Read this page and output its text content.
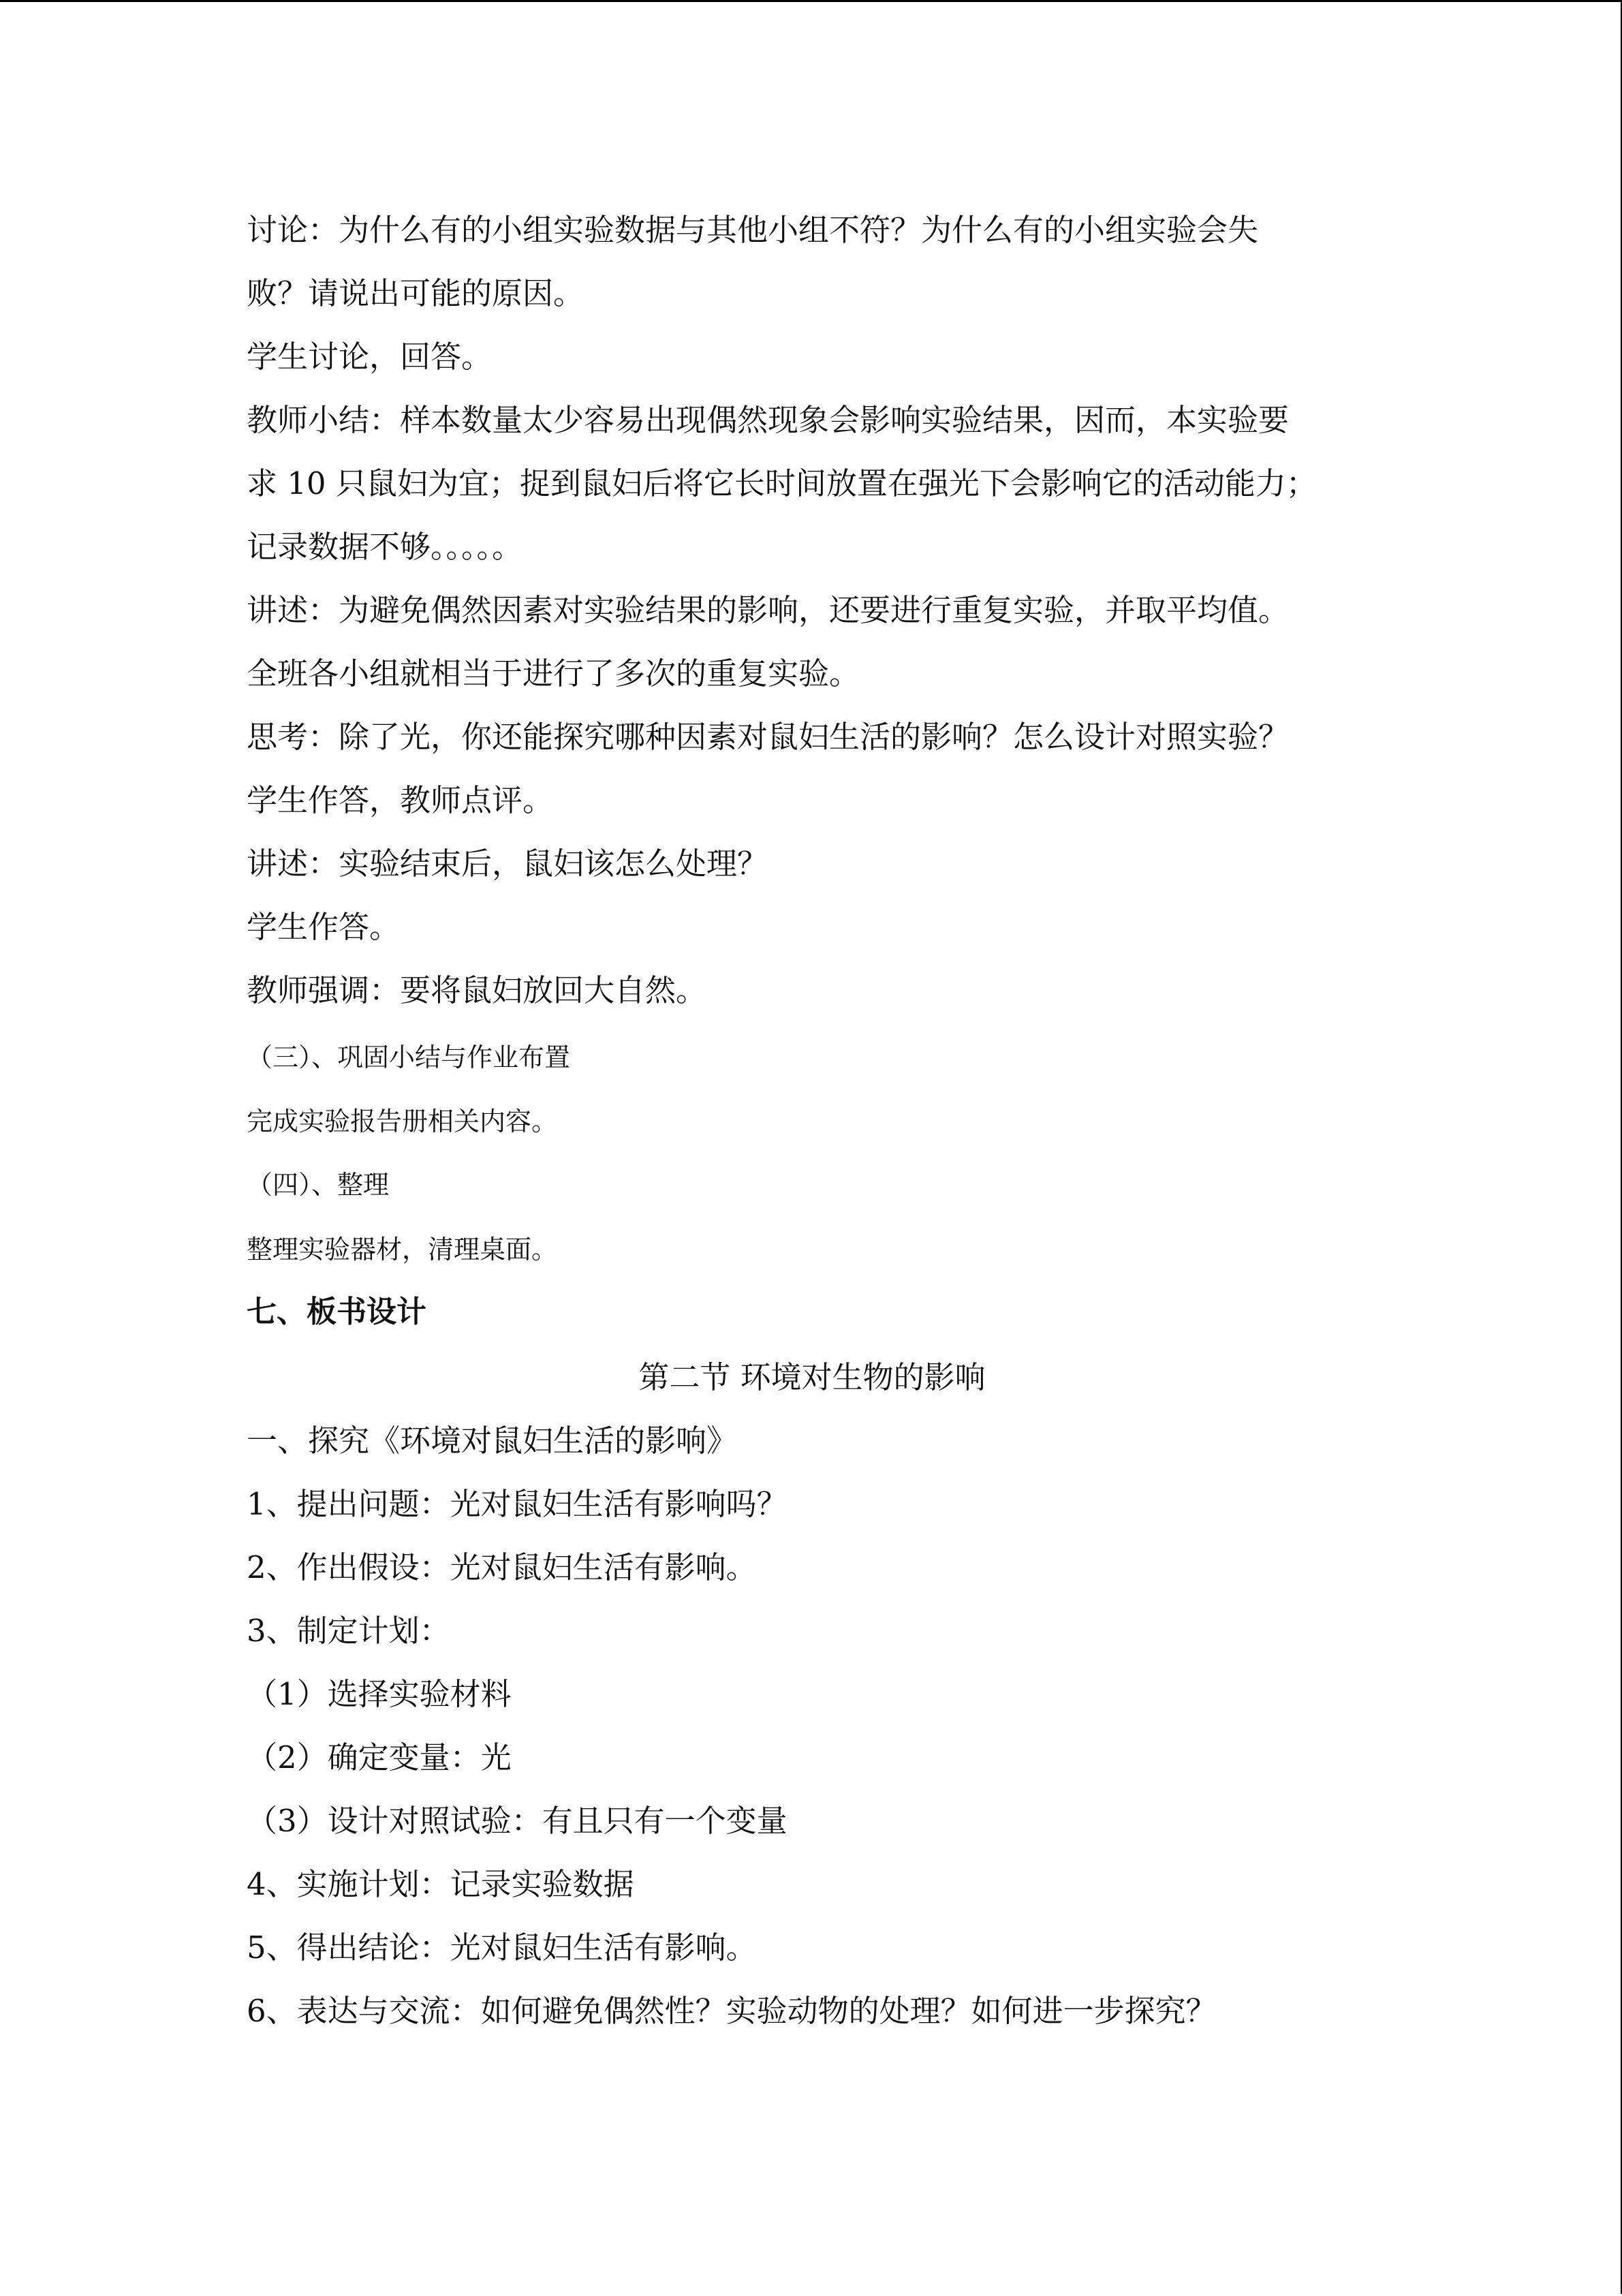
讨论：为什么有的小组实验数据与其他小组不符？为什么有的小组实验会失
败？请说出可能的原因。
学生讨论，回答。
教师小结：样本数量太少容易出现偶然现象会影响实验结果，因而，本实验要
求 10 只鼠妇为宜；捉到鼠妇后将它长时间放置在强光下会影响它的活动能力；
记录数据不够。。。。。
讲述：为避免偶然因素对实验结果的影响，还要进行重复实验，并取平均值。
全班各小组就相当于进行了多次的重复实验。
思考：除了光，你还能探究哪种因素对鼠妇生活的影响？怎么设计对照实验？
学生作答，教师点评。
讲述：实验结束后，鼠妇该怎么处理？
学生作答。
教师强调：要将鼠妇放回大自然。
（三）、巩固小结与作业布置
完成实验报告册相关内容。
（四）、整理
整理实验器材，清理桌面。
七、板书设计
第二节 环境对生物的影响
一、探究《环境对鼠妇生活的影响》
1、提出问题：光对鼠妇生活有影响吗？
2、作出假设：光对鼠妇生活有影响。
3、制定计划：
（1）选择实验材料
（2）确定变量：光
（3）设计对照试验：有且只有一个变量
4、实施计划：记录实验数据
5、得出结论：光对鼠妇生活有影响。
6、表达与交流：如何避免偶然性？实验动物的处理？如何进一步探究？
